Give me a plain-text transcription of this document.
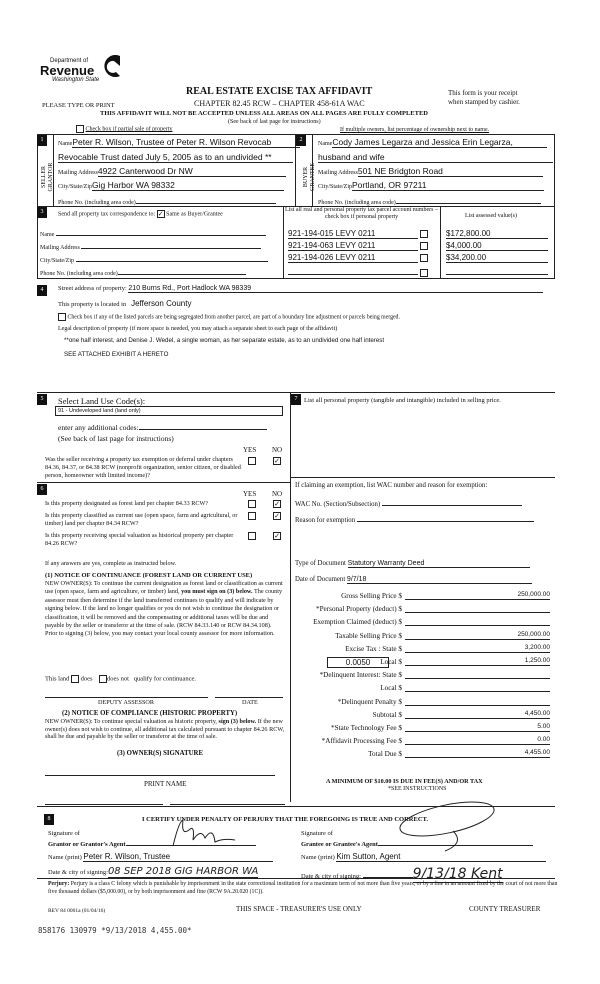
Department of
Revenue
Washington State
PLEASE TYPE OR PRINT
REAL ESTATE EXCISE TAX AFFIDAVIT
CHAPTER 82.45 RCW – CHAPTER 458-61A WAC
This form is your receipt
when stamped by cashier.
THIS AFFIDAVIT WILL NOT BE ACCEPTED UNLESS ALL AREAS ON ALL PAGES ARE FULLY COMPLETED
(See back of last page for instructions)
Check box if partial sale of property	If multiple owners, list percentage of ownership next to name.
1
SELLER GRANTOR
NamePeter R. Wilson, Trustee of Peter R. Wilson Revocab
Revocable Trust dated July 5, 2005 as to an undivided **
Mailing Address4922 Canterwood Dr NW
City/State/ZipGig Harbor WA 98332
Phone No. (including area code)
2
BUYER GRANTEE
NameCody James Legarza and Jessica Erin Legarza,
husband and wife
Mailing Address501 NE Bridgton Road
City/State/ZipPortland, OR 97211
Phone No. (including area code)
3	Send all property tax correspondence to: ✓ Same as Buyer/Grantee
Name
Mailing Address
City/State/Zip
Phone No. (including area code)
List all real and personal property tax parcel account numbers – check box if personal property	List assessed value(s)
921-194-015 LEVY 0211	$172,800.00
921-194-063 LEVY 0211	$4,000.00
921-194-026 LEVY 0211	$34,200.00

4	Street address of property: 210 Burns Rd., Port Hadlock WA 98339
This property is located in Jefferson County
Check box if any of the listed parcels are being segregated from another parcel, are part of a boundary line adjustment or parcels being merged.
Legal description of property (if more space is needed, you may attach a separate sheet to each page of the affidavit)
**one half interest, and Denise J. Wedel, a single woman, as her separate estate, as to an undivided one half interest
SEE ATTACHED EXHIBIT A HERETO
5	Select Land Use Code(s):
91 - Undeveloped land (land only)
enter any additional codes:
(See back of last page for instructions)
YES NO
Was the seller receiving a property tax exemption or deferral under chapters 84.36, 84.37, or 84.38 RCW (nonprofit organization, senior citizen, or disabled person, homeowner with limited income)?
✓
6
YES NO
Is this property designated as forest land per chapter 84.33 RCW?	✓
Is this property classified as current use (open space, farm and agricultural, or timber) land per chapter 84.34 RCW?
✓
Is this property receiving special valuation as historical property per chapter 84.26 RCW?
✓
If any answers are yes, complete as instructed below.
(1) NOTICE OF CONTINUANCE (FOREST LAND OR CURRENT USE)
NEW OWNER(S): To continue the current designation as forest land or classification as current use (open space, farm and agriculture, or timber) land, you must sign on (3) below. The county assessor must then determine if the land transferred continues to qualify and will indicate by signing below. If the land no longer qualifies or you do not wish to continue the designation or classification, it will be removed and the compensating or additional taxes will be due and payable by the seller or transferor at the time of sale. (RCW 84.33.140 or RCW 84.34.108). Prior to signing (3) below, you may contact your local county assessor for more information.
This land does does not qualify for continuance.
DEPUTY ASSESSOR	DATE
(2) NOTICE OF COMPLIANCE (HISTORIC PROPERTY)
NEW OWNER(S): To continue special valuation as historic property, sign (3) below. If the new owner(s) does not wish to continue, all additional tax calculated pursuant to chapter 84.26 RCW, shall be due and payable by the seller or transferor at the time of sale.
(3) OWNER(S) SIGNATURE
PRINT NAME
7	List all personal property (tangible and intangible) included in selling price.
If claiming an exemption, list WAC number and reason for exemption:
WAC No. (Section/Subsection)
Reason for exemption
Type of Document Statutory Warranty Deed
Date of Document 9/7/18
0.0050
Gross Selling Price $	250,000.00
*Personal Property (deduct) $
Exemption Claimed (deduct) $
Taxable Selling Price $	250,000.00
Excise Tax : State $	3,200.00
Local $	1,250.00
*Delinquent Interest: State $
Local $
*Delinquent Penalty $
Subtotal $	4,450.00
*State Technology Fee $	5.00
*Affidavit Processing Fee $	0.00
Total Due $	4,455.00
A MINIMUM OF $10.00 IS DUE IN FEE(S) AND/OR TAX
*SEE INSTRUCTIONS
8	I CERTIFY UNDER PENALTY OF PERJURY THAT THE FOREGOING IS TRUE AND CORRECT.
Signature of
Grantor or Grantor's Agent
Name (print) Peter R. Wilson, Trustee
Date & city of signing:08 SEP 2018 GIG HARBOR WA
Signature of
Grantee or Grantee's Agent
Name (print) Kim Sutton, Agent
Date & city of signing:	9/13/18 Kent
Perjury: Perjury is a class C felony which is punishable by imprisonment in the state correctional institution for a maximum term of not more than five years, or by a fine in an amount fixed by the court of not more than five thousand dollars ($5,000.00), or by both imprisonment and fine (RCW 9A.20.020 (1C)).
REV 84 0001a (01/04/16)	THIS SPACE - TREASURER'S USE ONLY	COUNTY TREASURER
858176 130979 *9/13/2018 4,455.00*
